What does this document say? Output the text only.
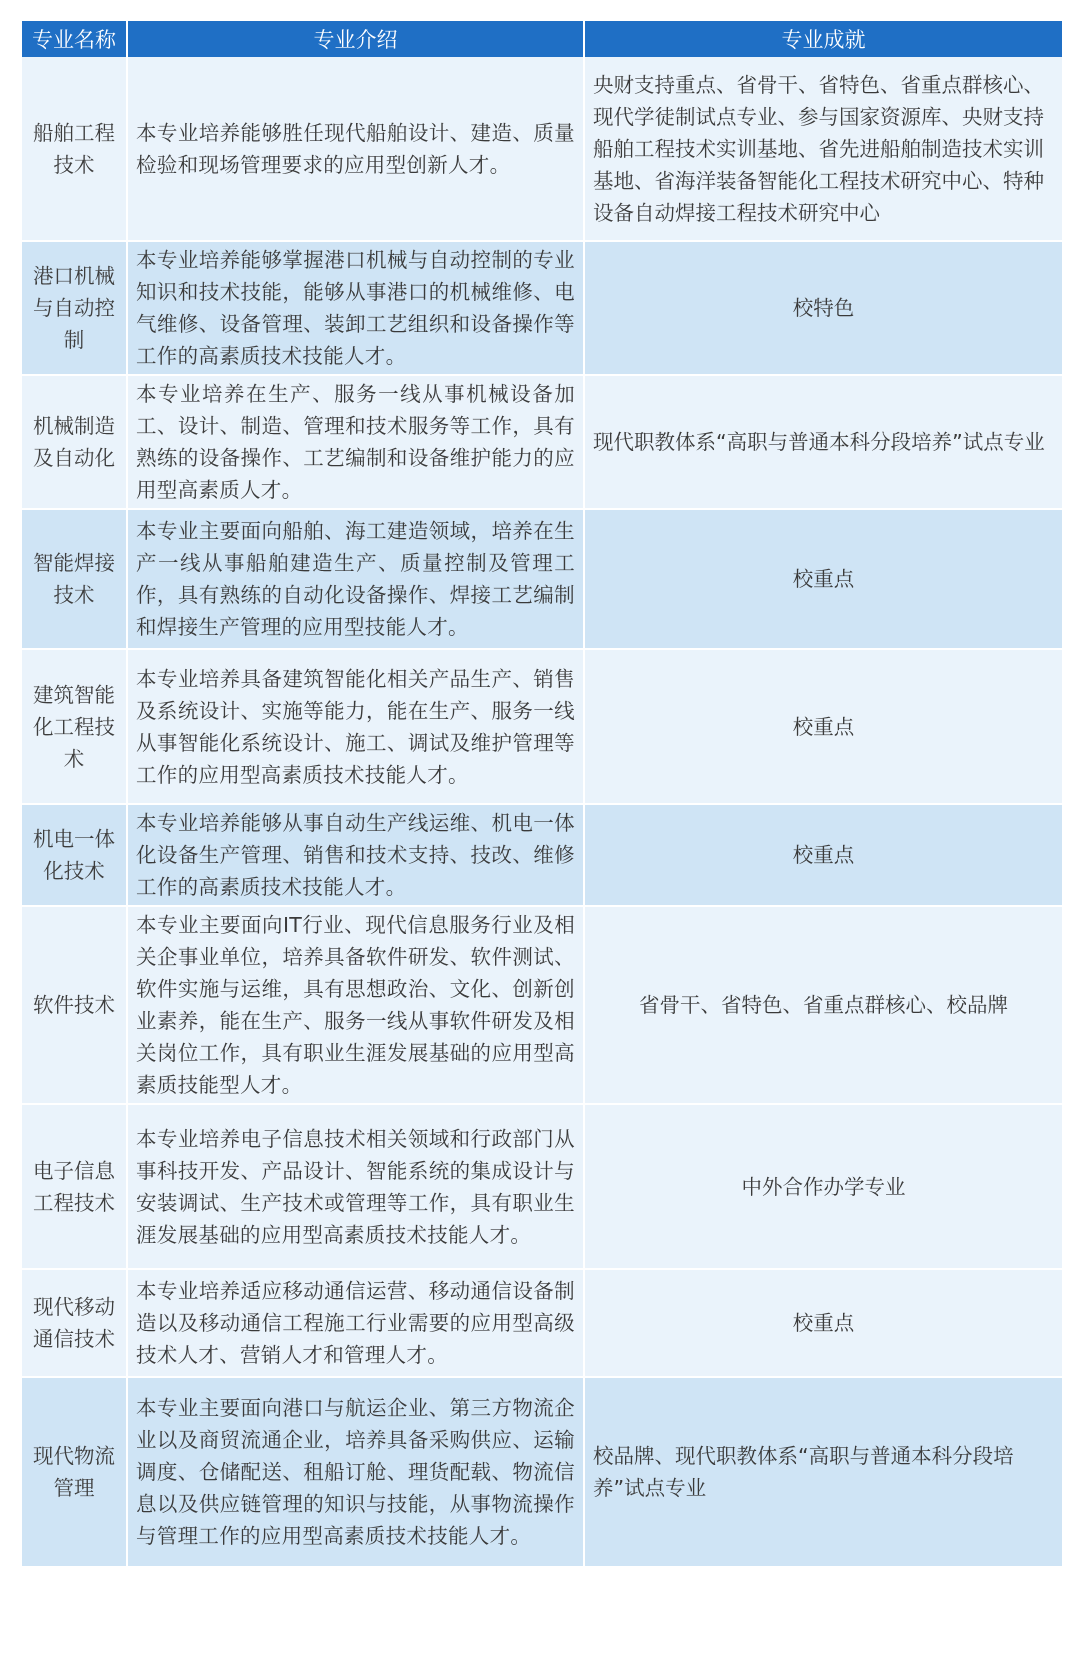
专业名称	专业介绍	专业成就
船舶工程技术	本专业培养能够胜任现代船舶设计、建造、质量检验和现场管理要求的应用型创新人才。	央财支持重点、省骨干、省特色、省重点群核心、现代学徒制试点专业、参与国家资源库、央财支持船舶工程技术实训基地、省先进船舶制造技术实训基地、省海洋装备智能化工程技术研究中心、特种设备自动焊接工程技术研究中心
港口机械与自动控制	本专业培养能够掌握港口机械与自动控制的专业知识和技术技能，能够从事港口的机械维修、电气维修、设备管理、装卸工艺组织和设备操作等工作的高素质技术技能人才。	校特色
机械制造及自动化	本专业培养在生产、服务一线从事机械设备加工、设计、制造、管理和技术服务等工作，具有熟练的设备操作、工艺编制和设备维护能力的应用型高素质人才。	现代职教体系“高职与普通本科分段培养”试点专业
智能焊接技术	本专业主要面向船舶、海工建造领域，培养在生产一线从事船舶建造生产、质量控制及管理工作，具有熟练的自动化设备操作、焊接工艺编制和焊接生产管理的应用型技能人才。	校重点
建筑智能化工程技术	本专业培养具备建筑智能化相关产品生产、销售及系统设计、实施等能力，能在生产、服务一线从事智能化系统设计、施工、调试及维护管理等工作的应用型高素质技术技能人才。	校重点
机电一体化技术	本专业培养能够从事自动生产线运维、机电一体化设备生产管理、销售和技术支持、技改、维修工作的高素质技术技能人才。	校重点
软件技术	本专业主要面向IT行业、现代信息服务行业及相关企事业单位，培养具备软件研发、软件测试、软件实施与运维，具有思想政治、文化、创新创业素养，能在生产、服务一线从事软件研发及相关岗位工作，具有职业生涯发展基础的应用型高素质技能型人才。	省骨干、省特色、省重点群核心、校品牌
电子信息工程技术	本专业培养电子信息技术相关领域和行政部门从事科技开发、产品设计、智能系统的集成设计与安装调试、生产技术或管理等工作，具有职业生涯发展基础的应用型高素质技术技能人才。	中外合作办学专业
现代移动通信技术	本专业培养适应移动通信运营、移动通信设备制造以及移动通信工程施工行业需要的应用型高级技术人才、营销人才和管理人才。	校重点
现代物流管理	本专业主要面向港口与航运企业、第三方物流企业以及商贸流通企业，培养具备采购供应、运输调度、仓储配送、租船订舱、理货配载、物流信息以及供应链管理的知识与技能，从事物流操作与管理工作的应用型高素质技术技能人才。	校品牌、现代职教体系“高职与普通本科分段培养”试点专业
